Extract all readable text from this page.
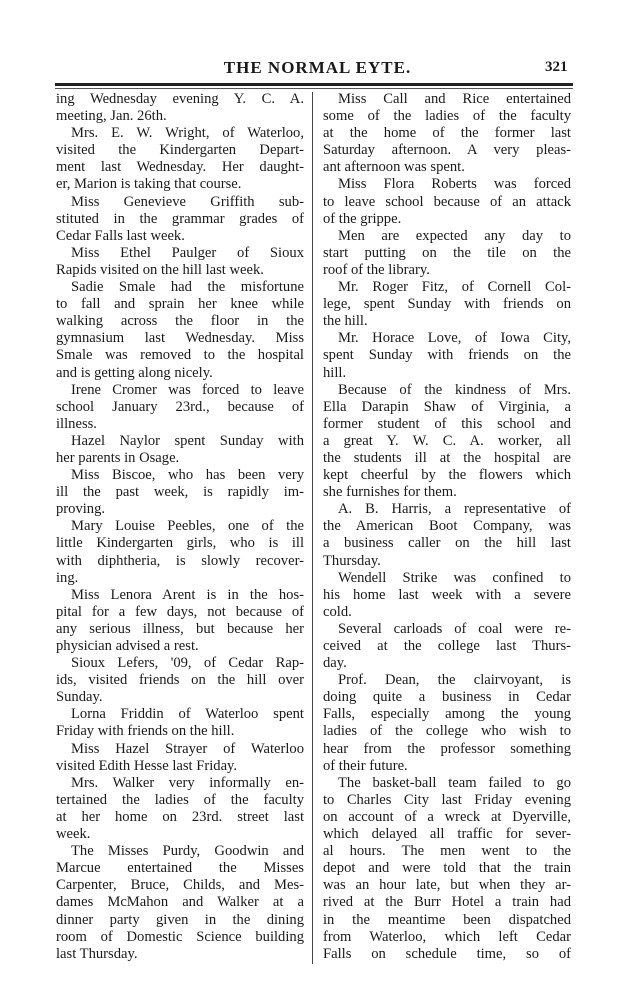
THE NORMAL EYTE.	321
ing Wednesday evening Y. C. A.
meeting, Jan. 26th.
Mrs. E. W. Wright, of Waterloo,
visited the Kindergarten Depart-
ment last Wednesday. Her daught-
er, Marion is taking that course.
Miss Genevieve Griffith sub-
stituted in the grammar grades of
Cedar Falls last week.
Miss Ethel Paulger of Sioux
Rapids visited on the hill last week.
Sadie Smale had the misfortune
to fall and sprain her knee while
walking across the floor in the
gymnasium last Wednesday. Miss
Smale was removed to the hospital
and is getting along nicely.
Irene Cromer was forced to leave
school January 23rd., because of
illness.
Hazel Naylor spent Sunday with
her parents in Osage.
Miss Biscoe, who has been very
ill the past week, is rapidly im-
proving.
Mary Louise Peebles, one of the
little Kindergarten girls, who is ill
with diphtheria, is slowly recover-
ing.
Miss Lenora Arent is in the hos-
pital for a few days, not because of
any serious illness, but because her
physician advised a rest.
Sioux Lefers, '09, of Cedar Rap-
ids, visited friends on the hill over
Sunday.
Lorna Friddin of Waterloo spent
Friday with friends on the hill.
Miss Hazel Strayer of Waterloo
visited Edith Hesse last Friday.
Mrs. Walker very informally en-
tertained the ladies of the faculty
at her home on 23rd. street last
week.
The Misses Purdy, Goodwin and
Marcue entertained the Misses
Carpenter, Bruce, Childs, and Mes-
dames McMahon and Walker at a
dinner party given in the dining
room of Domestic Science building
last Thursday.
Miss Call and Rice entertained
some of the ladies of the faculty
at the home of the former last
Saturday afternoon. A very pleas-
ant afternoon was spent.
Miss Flora Roberts was forced
to leave school because of an attack
of the grippe.
Men are expected any day to
start putting on the tile on the
roof of the library.
Mr. Roger Fitz, of Cornell Col-
lege, spent Sunday with friends on
the hill.
Mr. Horace Love, of Iowa City,
spent Sunday with friends on the
hill.
Because of the kindness of Mrs.
Ella Darapin Shaw of Virginia, a
former student of this school and
a great Y. W. C. A. worker, all
the students ill at the hospital are
kept cheerful by the flowers which
she furnishes for them.
A. B. Harris, a representative of
the American Boot Company, was
a business caller on the hill last
Thursday.
Wendell Strike was confined to
his home last week with a severe
cold.
Several carloads of coal were re-
ceived at the college last Thurs-
day.
Prof. Dean, the clairvoyant, is
doing quite a business in Cedar
Falls, especially among the young
ladies of the college who wish to
hear from the professor something
of their future.
The basket-ball team failed to go
to Charles City last Friday evening
on account of a wreck at Dyerville,
which delayed all traffic for sever-
al hours. The men went to the
depot and were told that the train
was an hour late, but when they ar-
rived at the Burr Hotel a train had
in the meantime been dispatched
from Waterloo, which left Cedar
Falls on schedule time, so of
